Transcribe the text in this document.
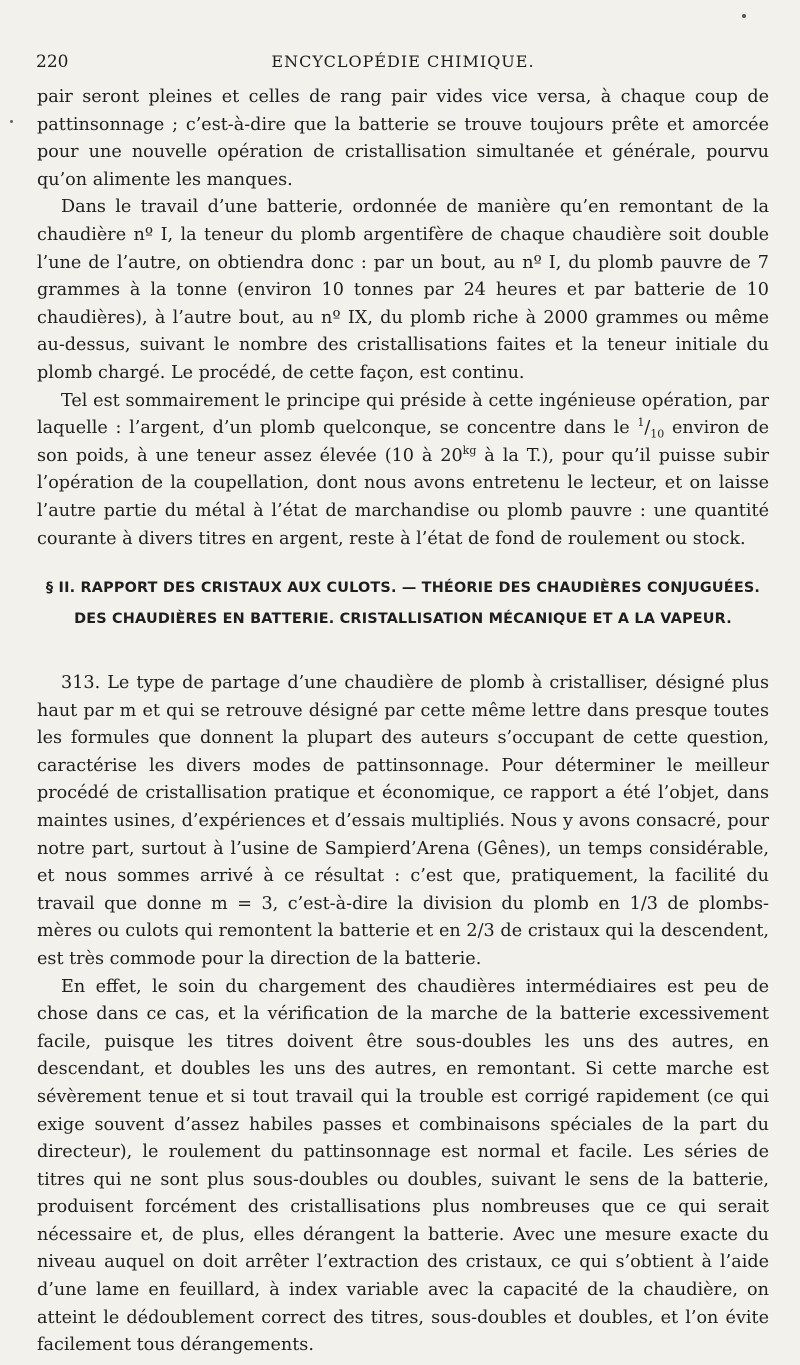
220	ENCYCLOPÉDIE CHIMIQUE.

pair seront pleines et celles de rang pair vides vice versa, à chaque coup de pattinsonnage ; c’est-à-dire que la batterie se trouve toujours prête et amorcée pour une nouvelle opération de cristallisation simultanée et générale, pourvu qu’on alimente les manques.

Dans le travail d’une batterie, ordonnée de manière qu’en remontant de la chaudière nº I, la teneur du plomb argentifère de chaque chaudière soit double l’une de l’autre, on obtiendra donc : par un bout, au nº I, du plomb pauvre de 7 grammes à la tonne (environ 10 tonnes par 24 heures et par batterie de 10 chaudières), à l’autre bout, au nº IX, du plomb riche à 2000 grammes ou même au-dessus, suivant le nombre des cristallisations faites et la teneur initiale du plomb chargé. Le procédé, de cette façon, est continu.

Tel est sommairement le principe qui préside à cette ingénieuse opération, par laquelle : l’argent, d’un plomb quelconque, se concentre dans le $^1/_{10}$ environ de son poids, à une teneur assez élevée (10 à $20^{kg}$ à la T.), pour qu’il puisse subir l’opération de la coupellation, dont nous avons entretenu le lecteur, et on laisse l’autre partie du métal à l’état de marchandise ou plomb pauvre : une quantité courante à divers titres en argent, reste à l’état de fond de roulement ou stock.

§ II. RAPPORT DES CRISTAUX AUX CULOTS. — THÉORIE DES CHAUDIÈRES CONJUGUÉES.
DES CHAUDIÈRES EN BATTERIE. CRISTALLISATION MÉCANIQUE ET A LA VAPEUR.

313. Le type de partage d’une chaudière de plomb à cristalliser, désigné plus haut par m et qui se retrouve désigné par cette même lettre dans presque toutes les formules que donnent la plupart des auteurs s’occupant de cette question, caractérise les divers modes de pattinsonnage. Pour déterminer le meilleur procédé de cristallisation pratique et économique, ce rapport a été l’objet, dans maintes usines, d’expériences et d’essais multipliés. Nous y avons consacré, pour notre part, surtout à l’usine de Sampierd’Arena (Gênes), un temps considérable, et nous sommes arrivé à ce résultat : c’est que, pratiquement, la facilité du travail que donne m = 3, c’est-à-dire la division du plomb en 1/3 de plombs-mères ou culots qui remontent la batterie et en 2/3 de cristaux qui la descendent, est très commode pour la direction de la batterie.

En effet, le soin du chargement des chaudières intermédiaires est peu de chose dans ce cas, et la vérification de la marche de la batterie excessivement facile, puisque les titres doivent être sous-doubles les uns des autres, en descendant, et doubles les uns des autres, en remontant. Si cette marche est sévèrement tenue et si tout travail qui la trouble est corrigé rapidement (ce qui exige souvent d’assez habiles passes et combinaisons spéciales de la part du directeur), le roulement du pattinsonnage est normal et facile. Les séries de titres qui ne sont plus sous-doubles ou doubles, suivant le sens de la batterie, produisent forcément des cristallisations plus nombreuses que ce qui serait nécessaire et, de plus, elles dérangent la batterie. Avec une mesure exacte du niveau auquel on doit arrêter l’extraction des cristaux, ce qui s’obtient à l’aide d’une lame en feuillard, à index variable avec la capacité de la chaudière, on atteint le dédoublement correct des titres, sous-doubles et doubles, et l’on évite facilement tous dérangements.
